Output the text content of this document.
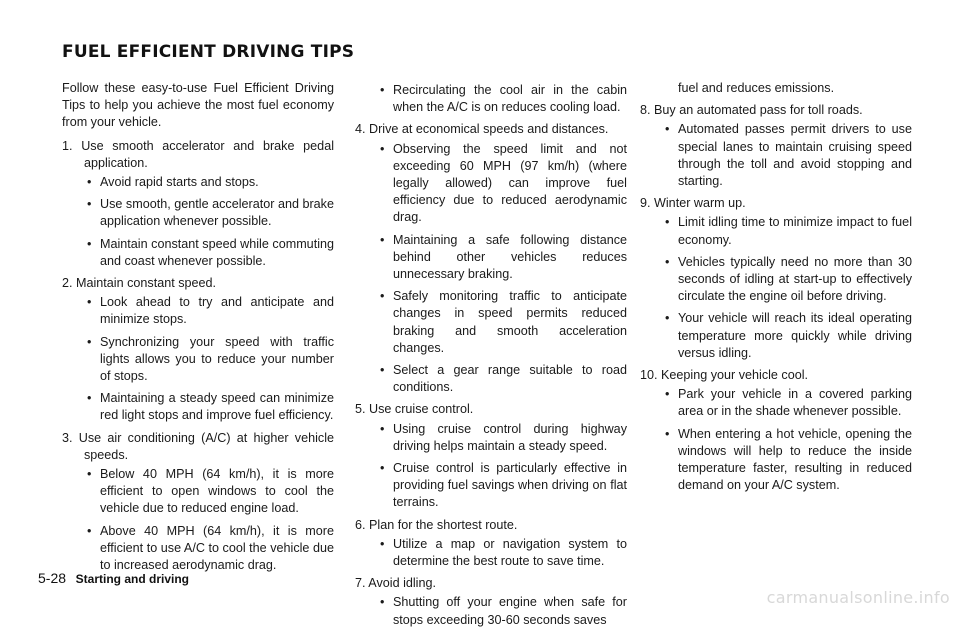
FUEL EFFICIENT DRIVING TIPS

Follow these easy-to-use Fuel Efficient Driving Tips to help you achieve the most fuel economy from your vehicle.

1. Use smooth accelerator and brake pedal application.
• Avoid rapid starts and stops.
• Use smooth, gentle accelerator and brake application whenever possible.
• Maintain constant speed while commuting and coast whenever possible.
2. Maintain constant speed.
• Look ahead to try and anticipate and minimize stops.
• Synchronizing your speed with traffic lights allows you to reduce your number of stops.
• Maintaining a steady speed can minimize red light stops and improve fuel efficiency.
3. Use air conditioning (A/C) at higher vehicle speeds.
• Below 40 MPH (64 km/h), it is more efficient to open windows to cool the vehicle due to reduced engine load.
• Above 40 MPH (64 km/h), it is more efficient to use A/C to cool the vehicle due to increased aerodynamic drag.
• Recirculating the cool air in the cabin when the A/C is on reduces cooling load.
4. Drive at economical speeds and distances.
• Observing the speed limit and not exceeding 60 MPH (97 km/h) (where legally allowed) can improve fuel efficiency due to reduced aerodynamic drag.
• Maintaining a safe following distance behind other vehicles reduces unnecessary braking.
• Safely monitoring traffic to anticipate changes in speed permits reduced braking and smooth acceleration changes.
• Select a gear range suitable to road conditions.
5. Use cruise control.
• Using cruise control during highway driving helps maintain a steady speed.
• Cruise control is particularly effective in providing fuel savings when driving on flat terrains.
6. Plan for the shortest route.
• Utilize a map or navigation system to determine the best route to save time.
7. Avoid idling.
• Shutting off your engine when safe for stops exceeding 30-60 seconds saves

fuel and reduces emissions.

8. Buy an automated pass for toll roads.
• Automated passes permit drivers to use special lanes to maintain cruising speed through the toll and avoid stopping and starting.
9. Winter warm up.
• Limit idling time to minimize impact to fuel economy.
• Vehicles typically need no more than 30 seconds of idling at start-up to effectively circulate the engine oil before driving.
• Your vehicle will reach its ideal operating temperature more quickly while driving versus idling.
10. Keeping your vehicle cool.
• Park your vehicle in a covered parking area or in the shade whenever possible.
• When entering a hot vehicle, opening the windows will help to reduce the inside temperature faster, resulting in reduced demand on your A/C system.
5-28 Starting and driving
carmanualsonline.info
